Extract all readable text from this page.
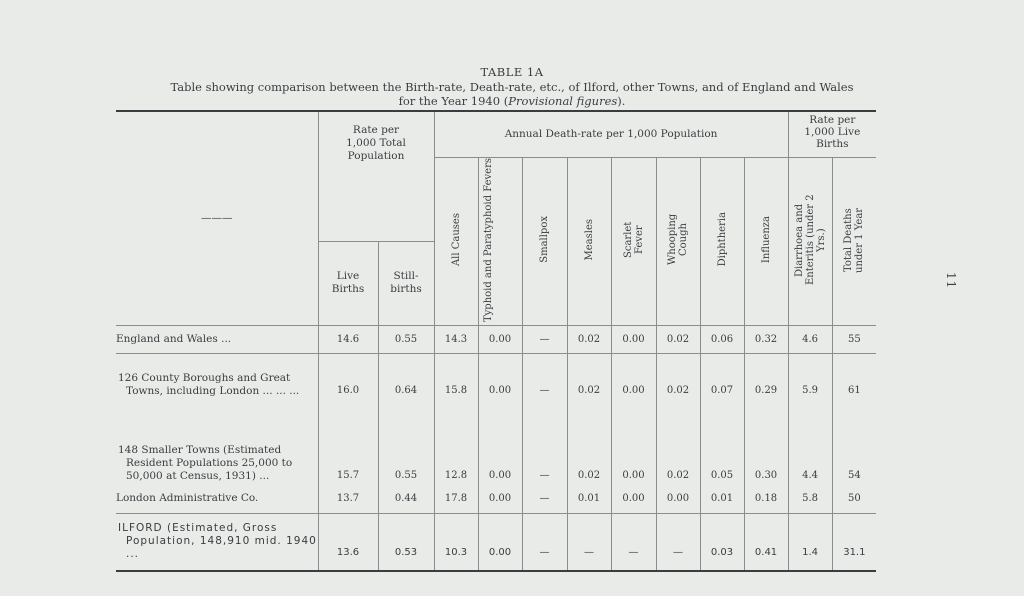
11
TABLE 1A
Table showing comparison between the Birth-rate, Death-rate, etc., of Ilford, other Towns, and of England and Wales
for the Year 1940 (Provisional figures).
———	Rate per 1,000 Total Population		Annual Death-rate per 1,000 Population								Rate per 1,000 Live Births	

			All Causes	Typhoid and Paratyphoid Fevers	Smallpox	Measles	Scarlet Fever	Whooping Cough	Diphtheria	Influenza	Diarrhoea and Enteritis (under 2 Yrs.)	Total Deaths under 1 Year

	Live Births	Still-births										

England and Wales ...	14.6	0.55	14.3	0.00	—	0.02	0.00	0.02	0.06	0.32	4.6	55

126 County Boroughs and Great Towns, including London ... ... ...	16.0	0.64	15.8	0.00	—	0.02	0.00	0.02	0.07	0.29	5.9	61

148 Smaller Towns (Estimated Resident Populations 25,000 to 50,000 at Census, 1931) ...	15.7	0.55	12.8	0.00	—	0.02	0.00	0.02	0.05	0.30	4.4	54
London Administrative Co.	13.7	0.44	17.8	0.00	—	0.01	0.00	0.00	0.01	0.18	5.8	50

ILFORD (Estimated, Gross Population, 148,910 mid. 1940 ...	13.6	0.53	10.3	0.00	—	—	—	—	0.03	0.41	1.4	31.1
